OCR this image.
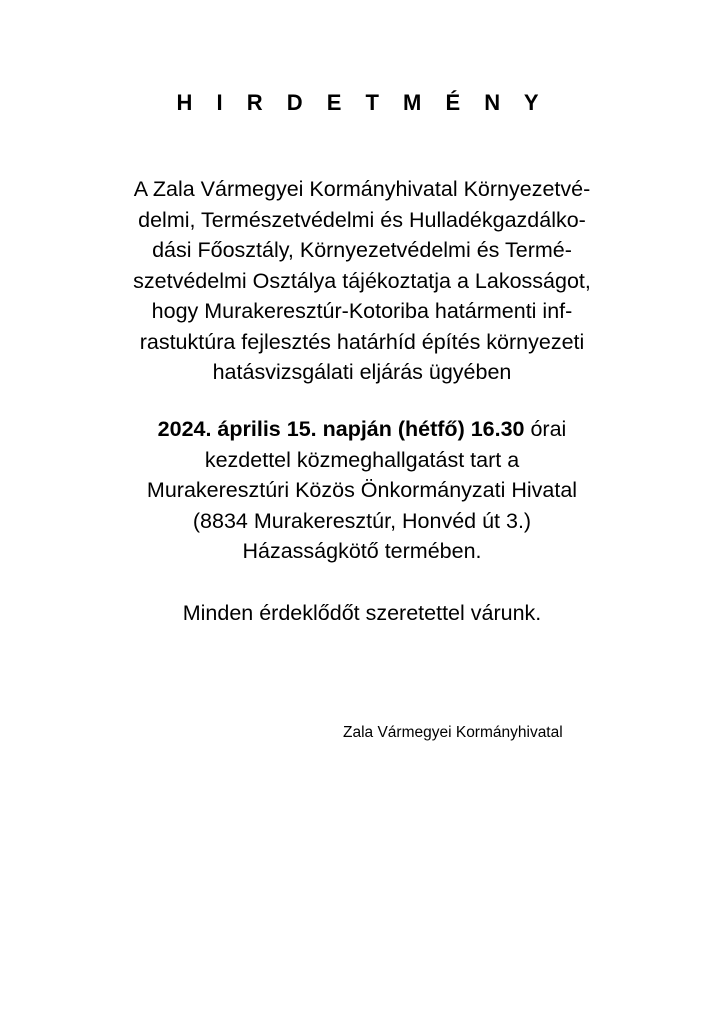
H I R D E T M É N Y
A Zala Vármegyei Kormányhivatal Környezetvé-
delmi, Természetvédelmi és Hulladékgazdálko-
dási Főosztály, Környezetvédelmi és Termé-
szetvédelmi Osztálya tájékoztatja a Lakosságot,
hogy Murakeresztúr-Kotoriba határmenti inf-
rastuktúra fejlesztés határhíd építés környezeti
hatásvizsgálati eljárás ügyében
2024. április 15. napján (hétfő) 16.30 órai
kezdettel közmeghallgatást tart a
Murakeresztúri Közös Önkormányzati Hivatal
(8834 Murakeresztúr, Honvéd út 3.)
Házasságkötő termében.
Minden érdeklődőt szeretettel várunk.
Zala Vármegyei Kormányhivatal
